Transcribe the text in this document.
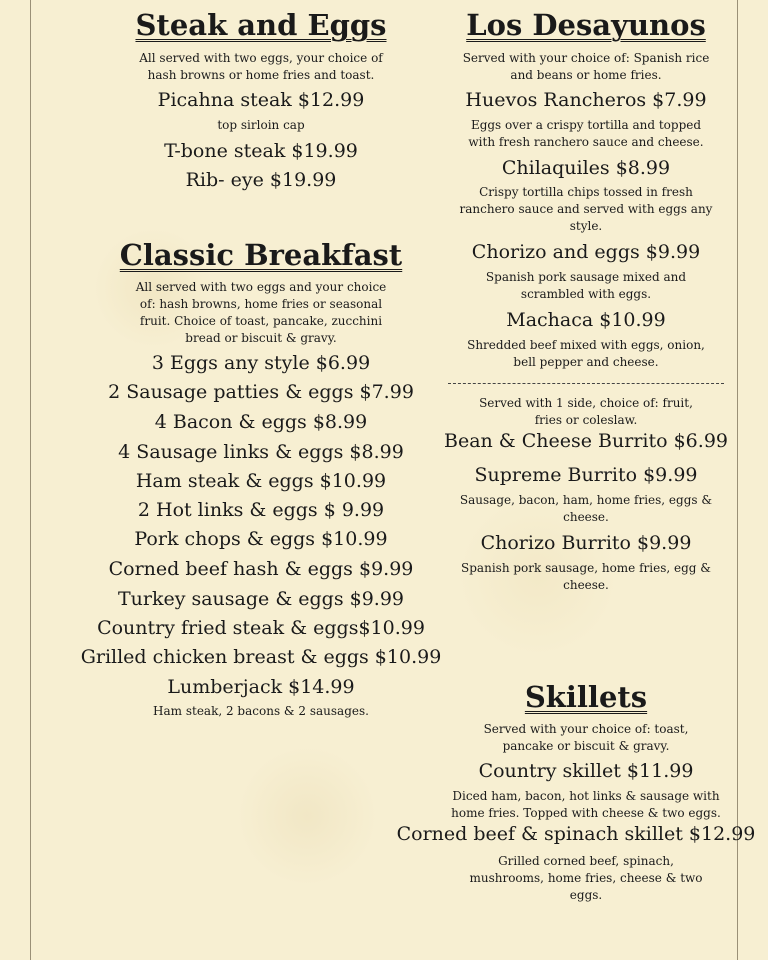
Steak and Eggs
All served with two eggs, your choice of hash browns or home fries and toast.
Picahna steak $12.99
top sirloin cap
T-bone steak $19.99
Rib- eye $19.99
Classic Breakfast
All served with two eggs and your choice of: hash browns, home fries or seasonal fruit. Choice of toast, pancake, zucchini bread or biscuit & gravy.
3 Eggs any style $6.99
2 Sausage patties & eggs $7.99
4 Bacon & eggs $8.99
4 Sausage links & eggs $8.99
Ham steak & eggs $10.99
2 Hot links & eggs $ 9.99
Pork chops & eggs $10.99
Corned beef hash & eggs $9.99
Turkey sausage & eggs $9.99
Country fried steak & eggs$10.99
Grilled chicken breast & eggs $10.99
Lumberjack $14.99
Ham steak, 2 bacons & 2 sausages.
Los Desayunos
Served with your choice of: Spanish rice and beans or home fries.
Huevos Rancheros $7.99
Eggs over a crispy tortilla and topped with fresh ranchero sauce and cheese.
Chilaquiles $8.99
Crispy tortilla chips tossed in fresh ranchero sauce and served with eggs any style.
Chorizo and eggs $9.99
Spanish pork sausage mixed and scrambled with eggs.
Machaca $10.99
Shredded beef mixed with eggs, onion, bell pepper and cheese.
Served with 1 side, choice of: fruit, fries or coleslaw.
Bean & Cheese Burrito $6.99
Supreme Burrito $9.99
Sausage, bacon, ham, home fries, eggs & cheese.
Chorizo Burrito $9.99
Spanish pork sausage, home fries, egg & cheese.
Skillets
Served with your choice of: toast, pancake or biscuit & gravy.
Country skillet $11.99
Diced ham, bacon, hot links & sausage with home fries. Topped with cheese & two eggs.
Corned beef & spinach skillet $12.99
Grilled corned beef, spinach, mushrooms, home fries, cheese & two eggs.
